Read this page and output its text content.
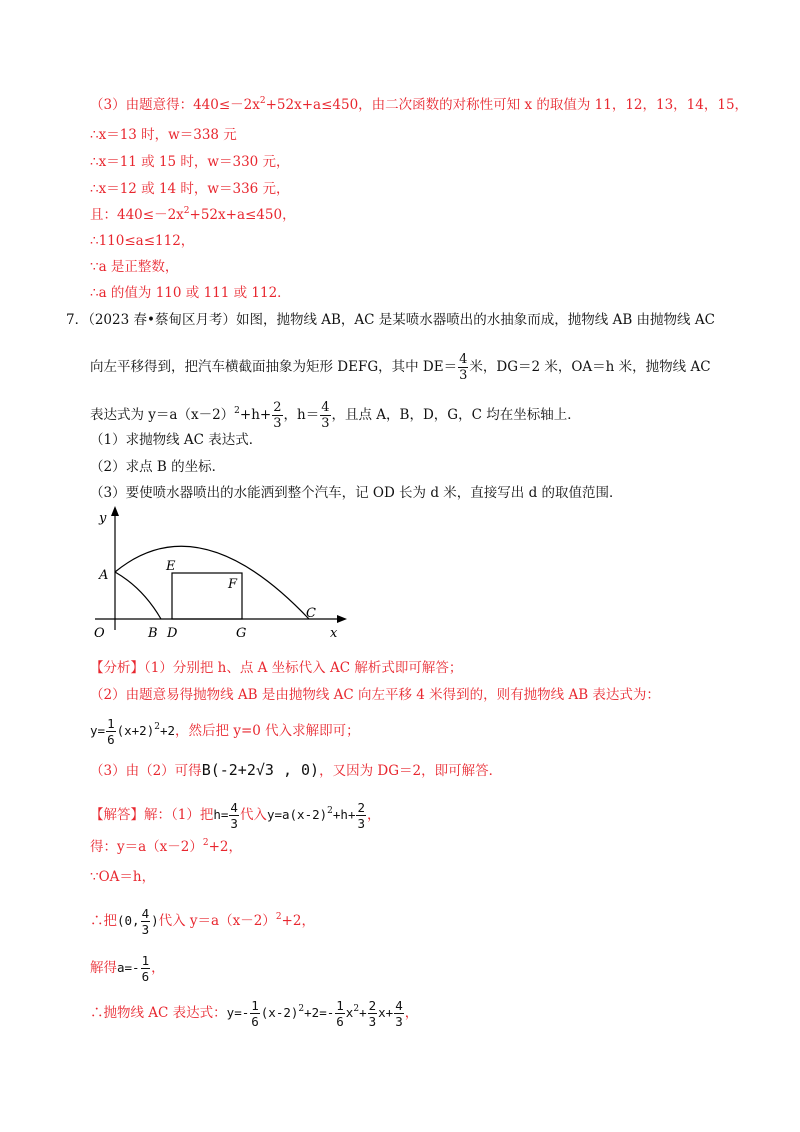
（3）由题意得：$440\le-2x^2+52x+a\le 450$，由二次函数的对称性可知 x 的取值为 11，12，13，14，15，
∴x＝13 时，w＝338 元
∴x＝11 或 15 时，w＝330 元，
∴x＝12 或 14 时，w＝336 元，
且：$440\le-2x^2+52x+a\le 450$，
∴110≤a≤112，
∵a 是正整数，
∴a 的值为 110 或 111 或 112．
7．（2023 春•蔡甸区月考）如图，抛物线 AB，AC 是某喷水器喷出的水抽象而成，抛物线 AB 由抛物线 AC
向左平移得到，把汽车横截面抽象为矩形 DEFG，其中 $DE= \frac{4}{3}$ 米，DG＝2 米，OA＝h 米，抛物线 AC
表达式为 $y=a(x-2)^2+h+ \frac{2}{3}$ ，$h= \frac{4}{3}$ ，且点 A，B，D，G，C 均在坐标轴上．
（1）求抛物线 AC 表达式．
（2）求点 B 的坐标．
（3）要使喷水器喷出的水能洒到整个汽车，记 OD 长为 d 米，直接写出 d 的取值范围．
y
x
O
A
B D
E
F
G
C
【分析】（1）分别把 h、点 A 坐标代入 AC 解析式即可解答；
（2）由题意易得抛物线 AB 是由抛物线 AC 向左平移 4 米得到的，则有抛物线 AB 表达式为：
$y= \frac{1}{6} (x+2)^2+2$，然后把 y=0 代入求解即可；
（3）由（2）可得B(-2+2√3 , 0)，又因为 DG＝2，即可解答．
【解答】解：（1）把$h= \frac{4}{3}$ 代入$y=a(x-2)^2+h+ \frac{2}{3}$ ，
得：$y=a(x-2)^2+2$，
∵OA＝h，
∴把(0, $\frac{4}{3}$ )代入 $y=a(x-2)^2+2$，
解得$a=- \frac{1}{6}$ ，
∴抛物线 AC 表达式：$y=- \frac{1}{6} (x-2)^2+2=- \frac{1}{6} x^2+ \frac{2}{3} x+ \frac{4}{3}$ ，
